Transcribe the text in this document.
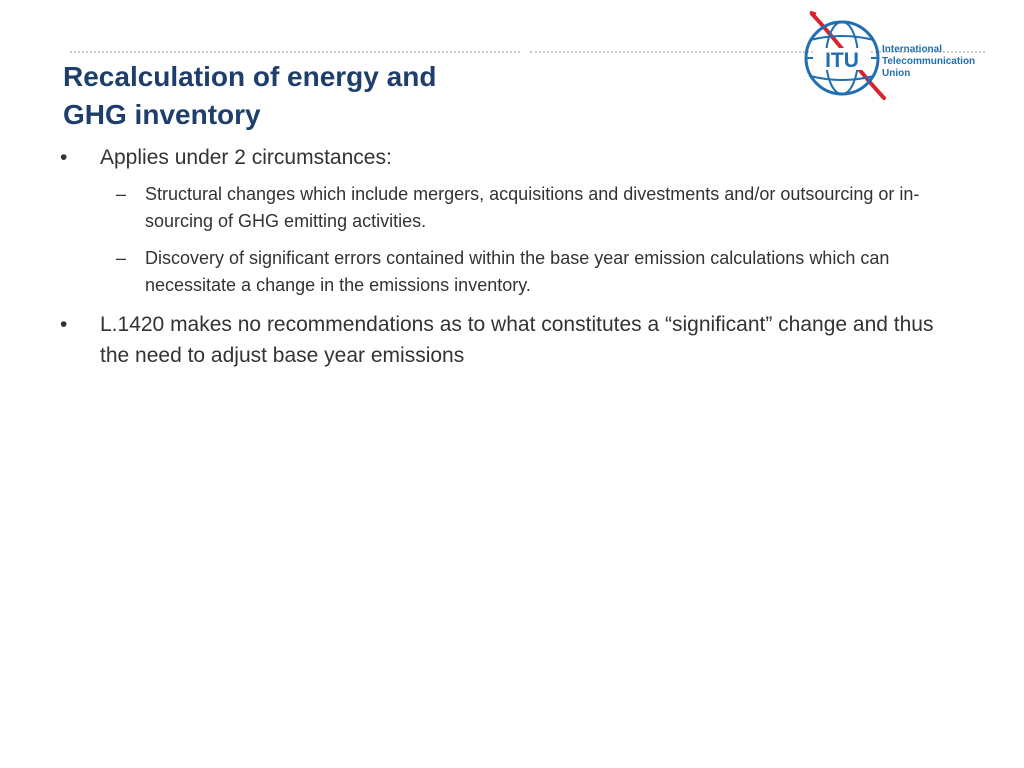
Recalculation of energy and
GHG inventory
ITU International
Telecommunication
Union
• Applies under 2 circumstances:
– Structural changes which include mergers, acquisitions and divestments and/or outsourcing or in-sourcing of GHG emitting activities.
– Discovery of significant errors contained within the base year emission calculations which can necessitate a change in the emissions inventory.
• L.1420 makes no recommendations as to what constitutes a “significant” change and thus the need to adjust base year emissions
